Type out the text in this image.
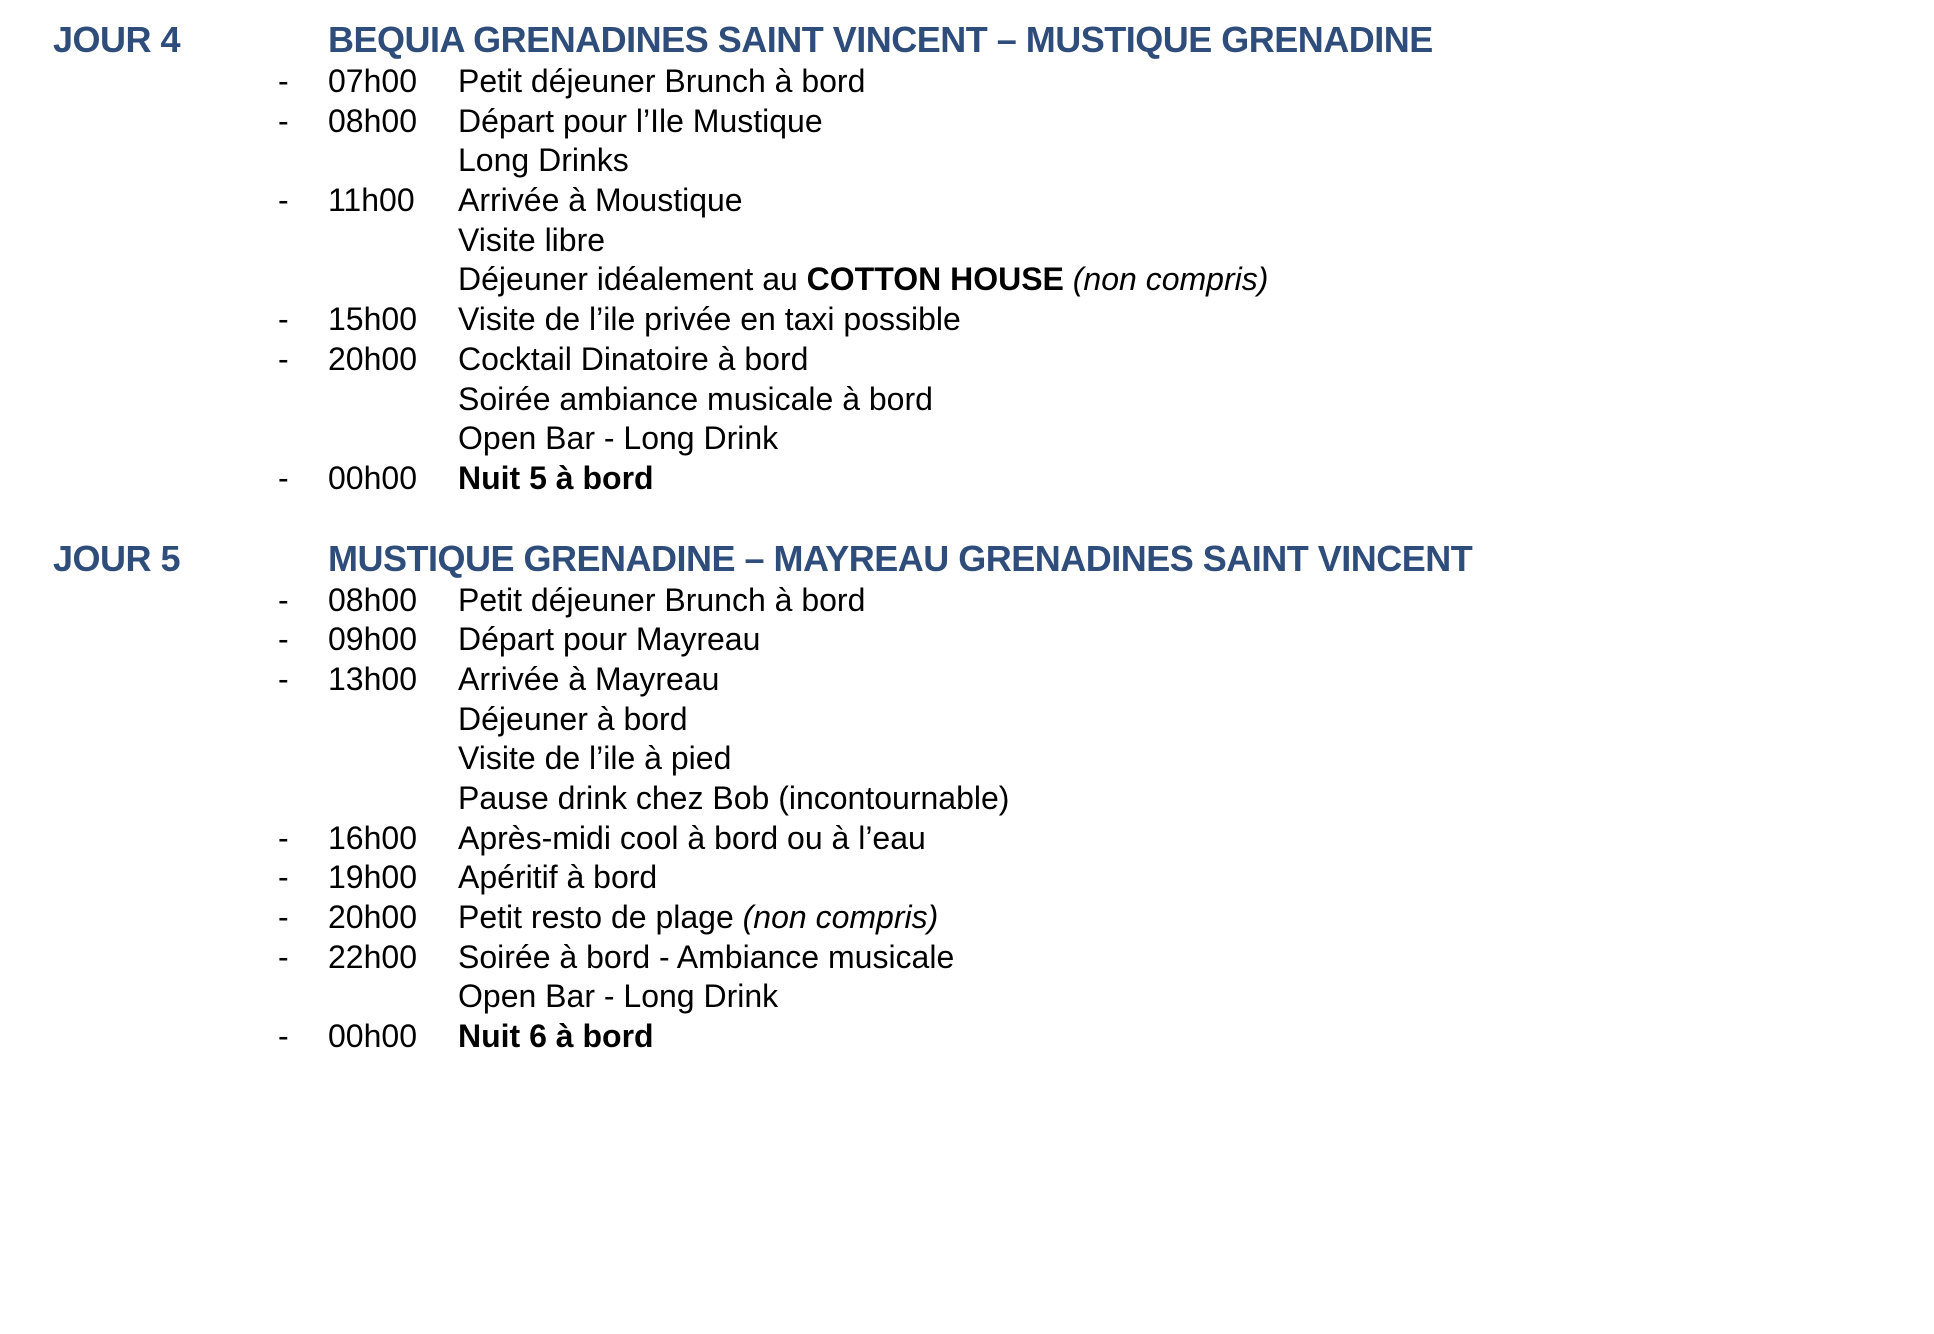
JOUR 4	BEQUIA GRENADINES SAINT VINCENT – MUSTIQUE GRENADINE
-	07h00	Petit déjeuner Brunch à bord
-	08h00	Départ pour l’Ile Mustique
Long Drinks
-	11h00	Arrivée à Moustique
Visite libre
Déjeuner idéalement au COTTON HOUSE (non compris)
-	15h00	Visite de l’ile privée en taxi possible
-	20h00	Cocktail Dinatoire à bord
Soirée ambiance musicale à bord
Open Bar - Long Drink
-	00h00	Nuit 5 à bord
JOUR 5	MUSTIQUE GRENADINE – MAYREAU GRENADINES SAINT VINCENT
-	08h00	Petit déjeuner Brunch à bord
-	09h00	Départ pour Mayreau
-	13h00	Arrivée à Mayreau
Déjeuner à bord
Visite de l’ile à pied
Pause drink chez Bob (incontournable)
-	16h00	Après-midi cool à bord ou à l’eau
-	19h00	Apéritif à bord
-	20h00	Petit resto de plage (non compris)
-	22h00	Soirée à bord - Ambiance musicale
Open Bar - Long Drink
-	00h00	Nuit 6 à bord
